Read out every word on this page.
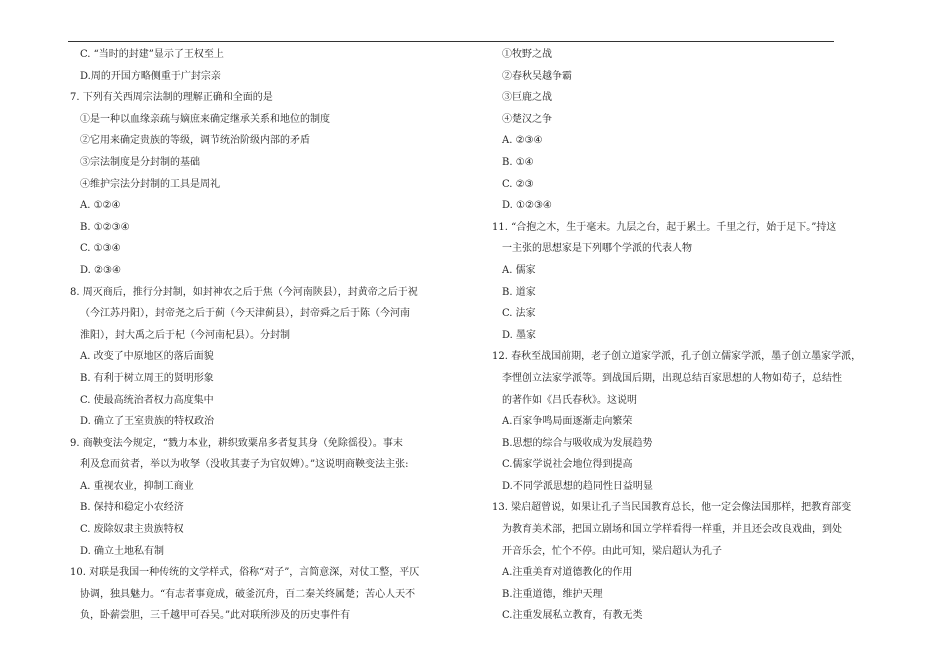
C. “当时的封建”显示了王权至上
D.周的开国方略侧重于广封宗亲
7. 下列有关西周宗法制的理解正确和全面的是
①是一种以血缘亲疏与嫡庶来确定继承关系和地位的制度
②它用来确定贵族的等级，调节统治阶级内部的矛盾
③宗法制度是分封制的基础
④维护宗法分封制的工具是周礼
A. ①②④
B. ①②③④
C. ①③④
D. ②③④
8. 周灭商后，推行分封制，如封神农之后于焦（今河南陕县），封黄帝之后于祝
（今江苏丹阳），封帝尧之后于蓟（今天津蓟县），封帝舜之后于陈（今河南
淮阳），封大禹之后于杞（今河南杞县）。分封制
A. 改变了中原地区的落后面貌
B. 有利于树立周王的贤明形象
C. 使最高统治者权力高度集中
D. 确立了王室贵族的特权政治
9. 商鞅变法今规定，“戮力本业，耕织致粟帛多者复其身（免除徭役）。事末
利及怠而贫者，举以为收孥（没收其妻子为官奴婢）。”这说明商鞅变法主张:
A. 重视农业，抑制工商业
B. 保持和稳定小农经济
C. 废除奴隶主贵族特权
D. 确立土地私有制
10. 对联是我国一种传统的文学样式，俗称“对子”，言简意深，对仗工整，平仄
协调，独具魅力。“有志者事竟成，破釜沉舟，百二秦关终属楚；苦心人天不
负，卧薪尝胆，三千越甲可吞吴。”此对联所涉及的历史事件有
①牧野之战
②春秋吴越争霸
③巨鹿之战
④楚汉之争
A. ②③④
B. ①④
C. ②③
D. ①②③④
11. “合抱之木，生于毫末。九层之台，起于累土。千里之行，始于足下。”持这
一主张的思想家是下列哪个学派的代表人物
A. 儒家
B. 道家
C. 法家
D. 墨家
12. 春秋至战国前期，老子创立道家学派，孔子创立儒家学派，墨子创立墨家学派，
李悝创立法家学派等。到战国后期，出现总结百家思想的人物如荀子，总结性
的著作如《吕氏春秋》。这说明
A.百家争鸣局面逐渐走向繁荣
B.思想的综合与吸收成为发展趋势
C.儒家学说社会地位得到提高
D.不同学派思想的趋同性日益明显
13. 梁启超曾说，如果让孔子当民国教育总长，他一定会像法国那样，把教育部变
为教育美术部，把国立剧场和国立学样看得一样重，并且还会改良戏曲，到处
开音乐会，忙个不停。由此可知，梁启超认为孔子
A.注重美育对道德教化的作用
B.注重道德，维护天理
C.注重发展私立教育，有教无类
